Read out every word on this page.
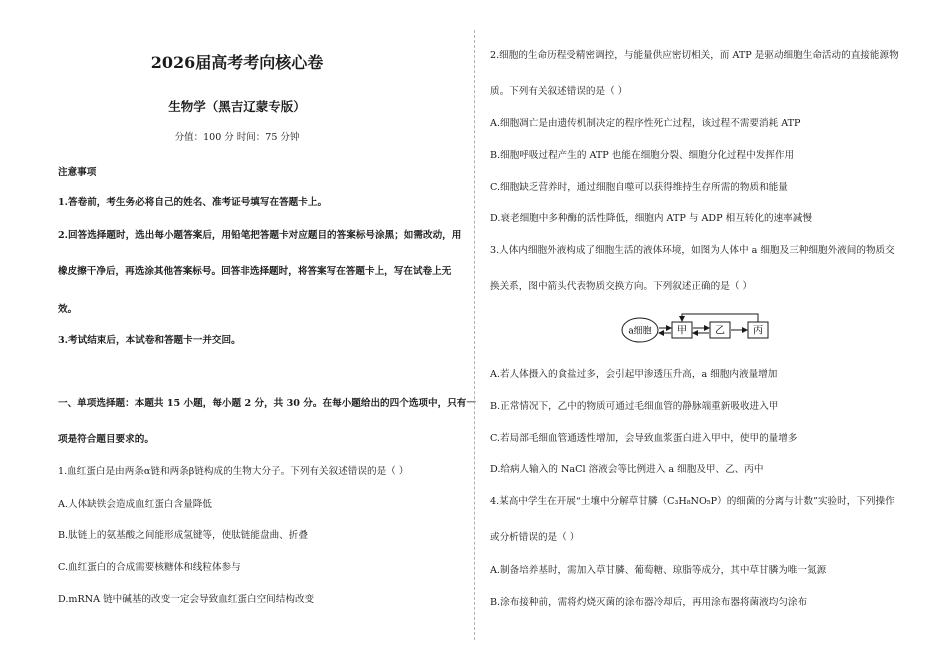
2026届高考考向核心卷
生物学（黑吉辽蒙专版）
分值：100 分 时间：75 分钟
注意事项
1.答卷前，考生务必将自己的姓名、准考证号填写在答题卡上。
2.回答选择题时，选出每小题答案后，用铅笔把答题卡对应题目的答案标号涂黑；如需改动，用
橡皮擦干净后，再选涂其他答案标号。回答非选择题时，将答案写在答题卡上，写在试卷上无
效。
3.考试结束后，本试卷和答题卡一并交回。
一、单项选择题：本题共 15 小题，每小题 2 分，共 30 分。在每小题给出的四个选项中，只有一
项是符合题目要求的。
1.血红蛋白是由两条α链和两条β链构成的生物大分子。下列有关叙述错误的是（ ）
A.人体缺铁会造成血红蛋白含量降低
B.肽链上的氨基酸之间能形成氢键等，使肽链能盘曲、折叠
C.血红蛋白的合成需要核糖体和线粒体参与
D.mRNA 链中碱基的改变一定会导致血红蛋白空间结构改变
2.细胞的生命历程受精密调控，与能量供应密切相关，而 ATP 是驱动细胞生命活动的直接能源物
质。下列有关叙述错误的是（ ）
A.细胞凋亡是由遗传机制决定的程序性死亡过程，该过程不需要消耗 ATP
B.细胞呼吸过程产生的 ATP 也能在细胞分裂、细胞分化过程中发挥作用
C.细胞缺乏营养时，通过细胞自噬可以获得维持生存所需的物质和能量
D.衰老细胞中多种酶的活性降低，细胞内 ATP 与 ADP 相互转化的速率减慢
3.人体内细胞外液构成了细胞生活的液体环境，如图为人体中 a 细胞及三种细胞外液间的物质交
换关系，图中箭头代表物质交换方向。下列叙述正确的是（ ）
a细胞	甲	乙	丙
A.若人体摄入的食盐过多，会引起甲渗透压升高，a 细胞内液量增加
B.正常情况下，乙中的物质可通过毛细血管的静脉端重新吸收进入甲
C.若局部毛细血管通透性增加，会导致血浆蛋白进入甲中，使甲的量增多
D.给病人输入的 NaCl 溶液会等比例进入 a 细胞及甲、乙、丙中
4.某高中学生在开展“土壤中分解草甘膦（C₃H₈NO₅P）的细菌的分离与计数”实验时，下列操作
或分析错误的是（ ）
A.制备培养基时，需加入草甘膦、葡萄糖、琼脂等成分，其中草甘膦为唯一氮源
B.涂布接种前，需将灼烧灭菌的涂布器冷却后，再用涂布器将菌液均匀涂布
